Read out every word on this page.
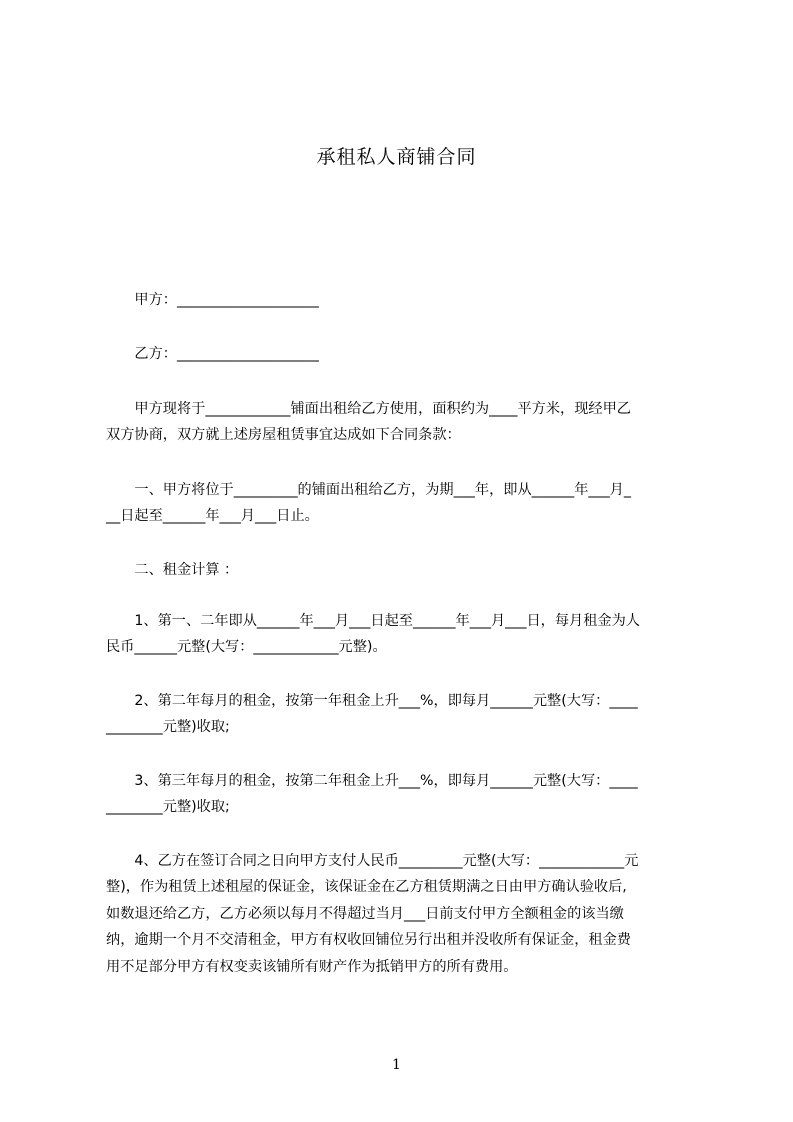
承租私人商铺合同

　　甲方：____________________

　　乙方：____________________

　　甲方现将于____________铺面出租给乙方使用，面积约为____平方米，现经甲乙

双方协商，双方就上述房屋租赁事宜达成如下合同条款：

　　一、甲方将位于_________的铺面出租给乙方，为期___年，即从______年___月_

__日起至______年___月___日止。

　　二、租金计算 ：

　　1、第一、二年即从______年___月___日起至______年___月___日，每月租金为人

民币______元整(大写：____________元整)。

　　2、第二年每月的租金，按第一年租金上升___%，即每月______元整(大写：____

________元整)收取;

　　3、第三年每月的租金，按第二年租金上升___%，即每月______元整(大写：____

________元整)收取;

　　4、乙方在签订合同之日向甲方支付人民币_________元整(大写：____________元

整)，作为租赁上述租屋的保证金，该保证金在乙方租赁期满之日由甲方确认验收后,

如数退还给乙方，乙方必须以每月不得超过当月___日前支付甲方全额租金的该当缴

纳，逾期一个月不交清租金，甲方有权收回铺位另行出租并没收所有保证金，租金费

用不足部分甲方有权变卖该铺所有财产作为抵销甲方的所有费用。

1
